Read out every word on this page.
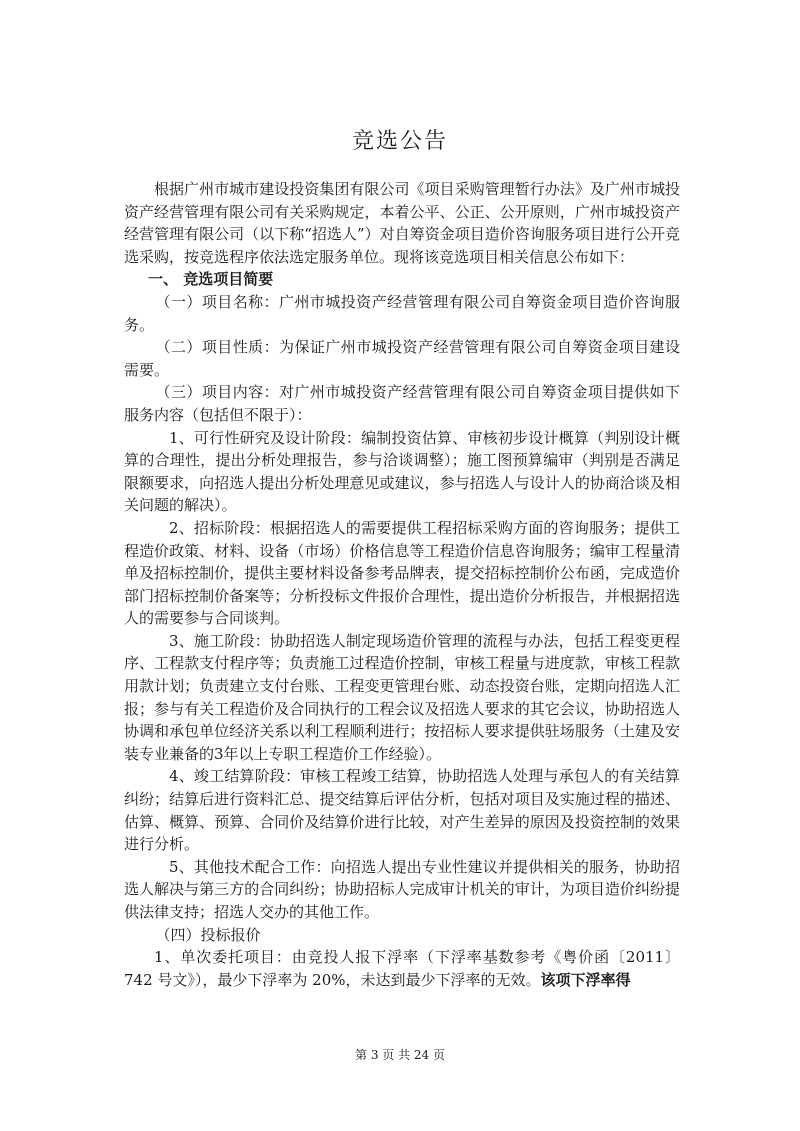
竞选公告

根据广州市城市建设投资集团有限公司《项目采购管理暂行办法》及广州市城投资产经营管理有限公司有关采购规定，本着公平、公正、公开原则，广州市城投资产经营管理有限公司（以下称“招选人”）对自筹资金项目造价咨询服务项目进行公开竞选采购，按竞选程序依法选定服务单位。现将该竞选项目相关信息公布如下：

一、 竞选项目简要

（一）项目名称：广州市城投资产经营管理有限公司自筹资金项目造价咨询服务。

（二）项目性质：为保证广州市城投资产经营管理有限公司自筹资金项目建设需要。

（三）项目内容：对广州市城投资产经营管理有限公司自筹资金项目提供如下服务内容（包括但不限于）：

1、可行性研究及设计阶段：编制投资估算、审核初步设计概算（判别设计概算的合理性，提出分析处理报告，参与洽谈调整）；施工图预算编审（判别是否满足限额要求，向招选人提出分析处理意见或建议，参与招选人与设计人的协商洽谈及相关问题的解决）。

2、招标阶段：根据招选人的需要提供工程招标采购方面的咨询服务；提供工程造价政策、材料、设备（市场）价格信息等工程造价信息咨询服务；编审工程量清单及招标控制价，提供主要材料设备参考品牌表，提交招标控制价公布函，完成造价部门招标控制价备案等；分析投标文件报价合理性，提出造价分析报告，并根据招选人的需要参与合同谈判。

3、施工阶段：协助招选人制定现场造价管理的流程与办法，包括工程变更程序、工程款支付程序等；负责施工过程造价控制，审核工程量与进度款，审核工程款用款计划；负责建立支付台账、工程变更管理台账、动态投资台账，定期向招选人汇报；参与有关工程造价及合同执行的工程会议及招选人要求的其它会议，协助招选人协调和承包单位经济关系以利工程顺利进行；按招标人要求提供驻场服务（土建及安装专业兼备的3年以上专职工程造价工作经验）。

4、竣工结算阶段：审核工程竣工结算，协助招选人处理与承包人的有关结算纠纷；结算后进行资料汇总、提交结算后评估分析，包括对项目及实施过程的描述、估算、概算、预算、合同价及结算价进行比较，对产生差异的原因及投资控制的效果进行分析。

5、其他技术配合工作：向招选人提出专业性建议并提供相关的服务，协助招选人解决与第三方的合同纠纷；协助招标人完成审计机关的审计，为项目造价纠纷提供法律支持；招选人交办的其他工作。

（四）投标报价

1、单次委托项目：由竞投人报下浮率（下浮率基数参考《粤价函〔2011〕742 号文》），最少下浮率为 20%，未达到最少下浮率的无效。该项下浮率得

第 3 页 共 24 页
